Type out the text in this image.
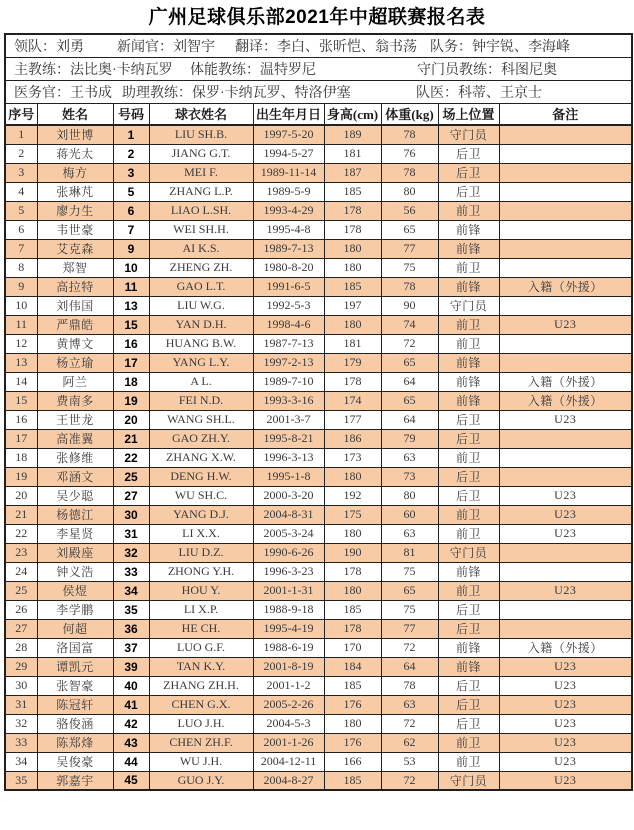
广州足球俱乐部2021年中超联赛报名表
领队：刘勇 新闻官：刘智宇 翻译：李白、张昕恺、翁书荡 队务：钟宇锐、李海峰								

主教练：法比奥·卡纳瓦罗 体能教练：温特罗尼 守门员教练：科图尼奥								

医务官：王书成 助理教练：保罗·卡纳瓦罗、特洛伊塞 队医：科蒂、王京士								

序号	姓名	号码	球衣姓名	出生年月日	身高(cm)	体重(kg)	场上位置	备注
1	刘世博	1	LIU SH.B.	1997-5-20	189	78	守门员	
2	蒋光太	2	JIANG G.T.	1994-5-27	181	76	后卫	
3	梅方	3	MEI F.	1989-11-14	187	78	后卫	
4	张琳芃	5	ZHANG L.P.	1989-5-9	185	80	后卫	
5	廖力生	6	LIAO L.SH.	1993-4-29	178	56	前卫	
6	韦世豪	7	WEI SH.H.	1995-4-8	178	65	前锋	
7	艾克森	9	AI K.S.	1989-7-13	180	77	前锋	
8	郑智	10	ZHENG ZH.	1980-8-20	180	75	前卫	
9	高拉特	11	GAO L.T.	1991-6-5	185	78	前锋	入籍（外援）
10	刘伟国	13	LIU W.G.	1992-5-3	197	90	守门员	
11	严鼎皓	15	YAN D.H.	1998-4-6	180	74	前卫	U23
12	黄博文	16	HUANG B.W.	1987-7-13	181	72	前卫	
13	杨立瑜	17	YANG L.Y.	1997-2-13	179	65	前锋	
14	阿兰	18	A L.	1989-7-10	178	64	前锋	入籍（外援）
15	费南多	19	FEI N.D.	1993-3-16	174	65	前锋	入籍（外援）
16	王世龙	20	WANG SH.L.	2001-3-7	177	64	后卫	U23
17	高准翼	21	GAO ZH.Y.	1995-8-21	186	79	后卫	
18	张修维	22	ZHANG X.W.	1996-3-13	173	63	前卫	
19	邓涵文	25	DENG H.W.	1995-1-8	180	73	后卫	
20	吴少聪	27	WU SH.C.	2000-3-20	192	80	后卫	U23
21	杨德江	30	YANG D.J.	2004-8-31	175	60	前卫	U23
22	李星贤	31	LI X.X.	2005-3-24	180	63	前卫	U23
23	刘殿座	32	LIU D.Z.	1990-6-26	190	81	守门员	
24	钟义浩	33	ZHONG Y.H.	1996-3-23	178	75	前锋	
25	侯煜	34	HOU Y.	2001-1-31	180	65	前卫	U23
26	李学鹏	35	LI X.P.	1988-9-18	185	75	后卫	
27	何超	36	HE CH.	1995-4-19	178	77	后卫	
28	洛国富	37	LUO G.F.	1988-6-19	170	72	前锋	入籍（外援）
29	谭凯元	39	TAN K.Y.	2001-8-19	184	64	前锋	U23
30	张智豪	40	ZHANG ZH.H.	2001-1-2	185	78	后卫	U23
31	陈冠轩	41	CHEN G.X.	2005-2-26	176	63	后卫	U23
32	骆俊涵	42	LUO J.H.	2004-5-3	180	72	后卫	U23
33	陈郑烽	43	CHEN ZH.F.	2001-1-26	176	62	前卫	U23
34	吴俊豪	44	WU J.H.	2004-12-11	166	53	前卫	U23
35	郭嘉宇	45	GUO J.Y.	2004-8-27	185	72	守门员	U23
